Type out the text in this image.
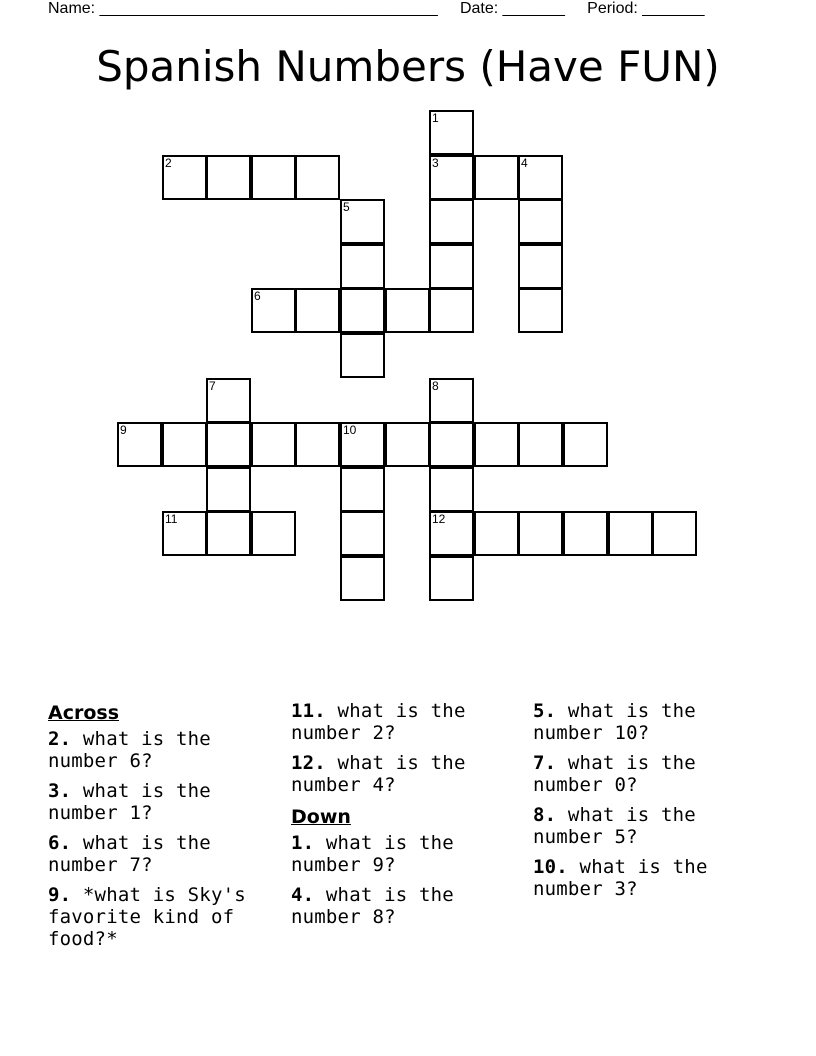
Name: ______________________________________     Date: _______     Period: _______
Spanish Numbers (Have FUN)
1
2	3	4
5
6
7	8
9	10
11	12
Across
2. what is the number 6?
3. what is the number 1?
6. what is the number 7?
9. *what is Sky's favorite kind of food?*
11. what is the number 2?
12. what is the number 4?
Down
1. what is the number 9?
4. what is the number 8?
5. what is the number 10?
7. what is the number 0?
8. what is the number 5?
10. what is the number 3?
